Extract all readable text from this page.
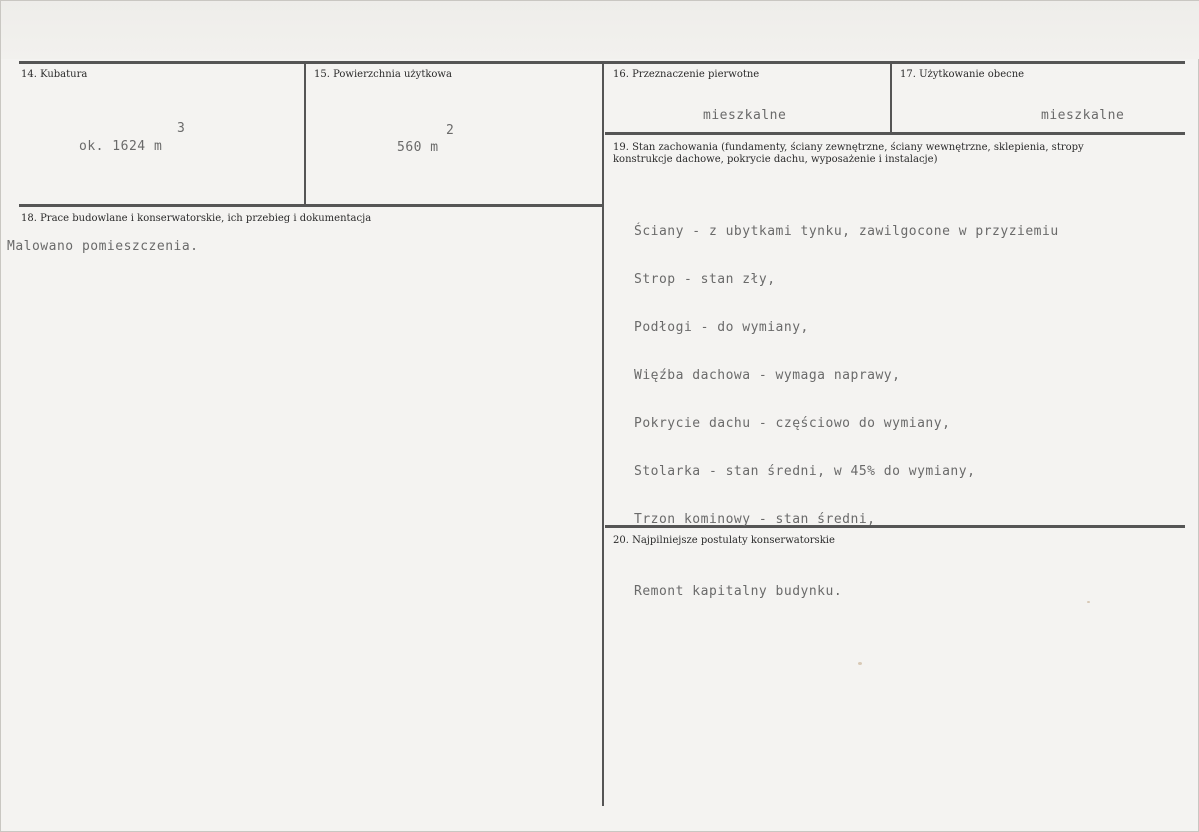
14. Kubatura
3
ok. 1624 m
15. Powierzchnia użytkowa
2
560 m
16. Przeznaczenie pierwotne
mieszkalne
17. Użytkowanie obecne
mieszkalne
18. Prace budowlane i konserwatorskie, ich przebieg i dokumentacja
Malowano pomieszczenia.
19. Stan zachowania (fundamenty, ściany zewnętrzne, ściany wewnętrzne, sklepienia, stropy konstrukcje dachowe, pokrycie dachu, wyposażenie i instalacje)

Ściany - z ubytkami tynku, zawilgocone w przyziemiu

Strop - stan zły,

Podłogi - do wymiany,

Więźba dachowa - wymaga naprawy,

Pokrycie dachu - częściowo do wymiany,

Stolarka - stan średni, w 45% do wymiany,

Trzon kominowy - stan średni,

20. Najpilniejsze postulaty konserwatorskie
Remont kapitalny budynku.
